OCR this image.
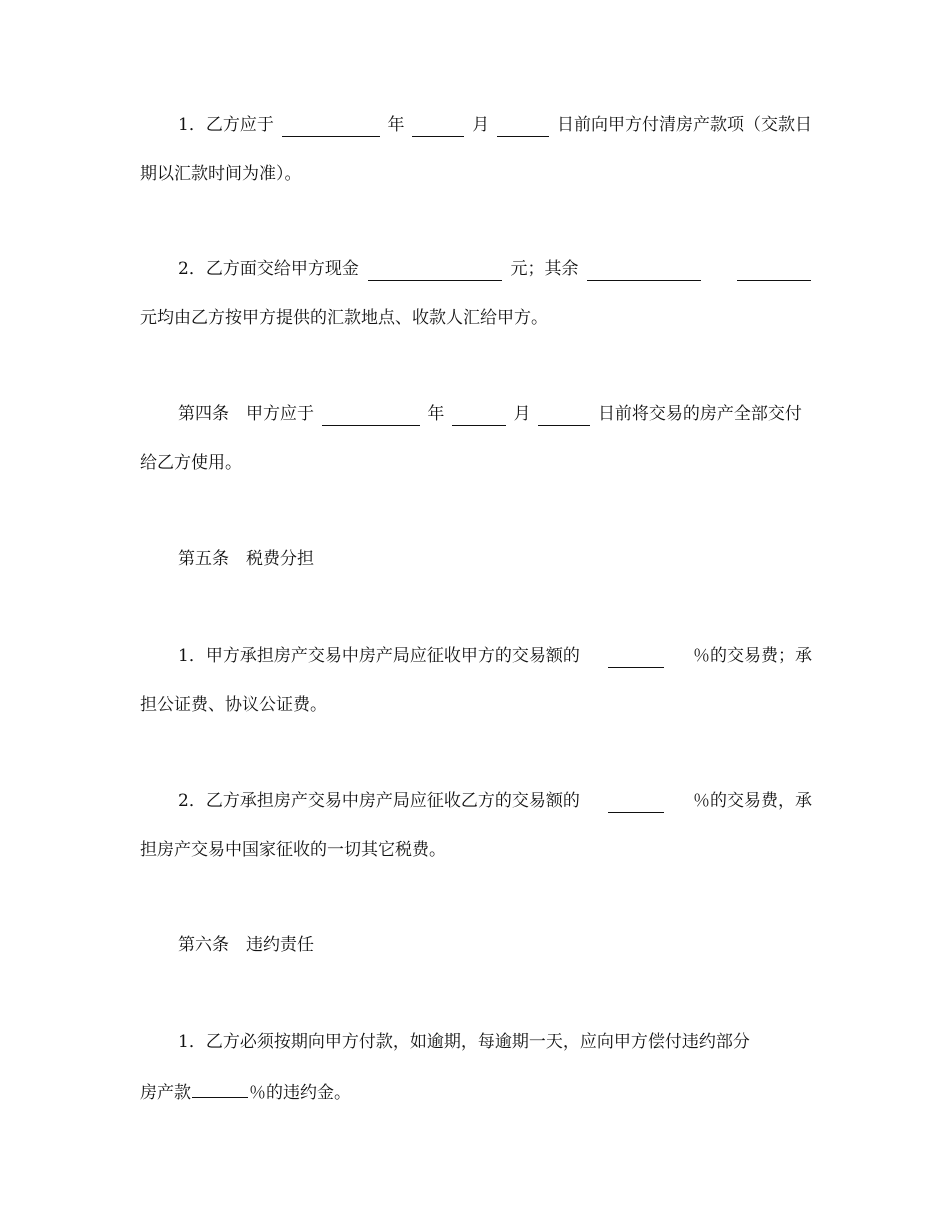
1．乙方应于	年	月	日前向甲方付清房产款项（交款日
期以汇款时间为准）。
2．乙方面交给甲方现金	元；其余
元均由乙方按甲方提供的汇款地点、收款人汇给甲方。
第四条　甲方应于	年	月	日前将交易的房产全部交付
给乙方使用。
第五条　税费分担
1．甲方承担房产交易中房产局应征收甲方的交易额的	％的交易费；承
担公证费、协议公证费。
2．乙方承担房产交易中房产局应征收乙方的交易额的	％的交易费，承
担房产交易中国家征收的一切其它税费。
第六条　违约责任
1．乙方必须按期向甲方付款，如逾期，每逾期一天，应向甲方偿付违约部分
房产款	％的违约金。
